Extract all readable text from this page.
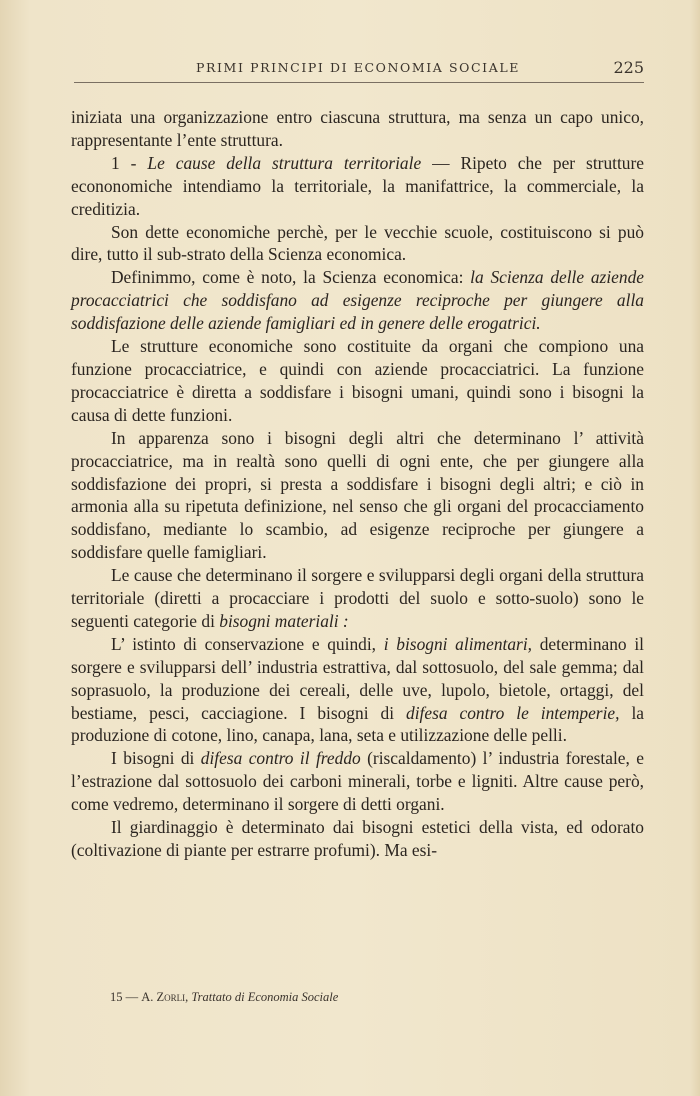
PRIMI PRINCIPI DI ECONOMIA SOCIALE	225

iniziata una organizzazione entro ciascuna struttura, ma senza un capo unico, rappresentante l’ente struttura.

1 - Le cause della struttura territoriale — Ripeto che per strutture econonomiche intendiamo la territoriale, la manifattrice, la commerciale, la creditizia.

Son dette economiche perchè, per le vecchie scuole, costituiscono si può dire, tutto il sub-strato della Scienza economica.

Definimmo, come è noto, la Scienza economica: la Scienza delle aziende procacciatrici che soddisfano ad esigenze reciproche per giungere alla soddisfazione delle aziende famigliari ed in genere delle erogatrici.

Le strutture economiche sono costituite da organi che compiono una funzione procacciatrice, e quindi con aziende procacciatrici. La funzione procacciatrice è diretta a soddisfare i bisogni umani, quindi sono i bisogni la causa di dette funzioni.

In apparenza sono i bisogni degli altri che determinano l’ attività procacciatrice, ma in realtà sono quelli di ogni ente, che per giungere alla soddisfazione dei propri, si presta a soddisfare i bisogni degli altri; e ciò in armonia alla su ripetuta definizione, nel senso che gli organi del procacciamento soddisfano, mediante lo scambio, ad esigenze reciproche per giungere a soddisfare quelle famigliari.

Le cause che determinano il sorgere e svilupparsi degli organi della struttura territoriale (diretti a procacciare i prodotti del suolo e sotto-suolo) sono le seguenti categorie di bisogni materiali :

L’ istinto di conservazione e quindi, i bisogni alimentari, determinano il sorgere e svilupparsi dell’ industria estrattiva, dal sottosuolo, del sale gemma; dal soprasuolo, la produzione dei cereali, delle uve, lupolo, bietole, ortaggi, del bestiame, pesci, cacciagione. I bisogni di difesa contro le intemperie, la produzione di cotone, lino, canapa, lana, seta e utilizzazione delle pelli.

I bisogni di difesa contro il freddo (riscaldamento) l’ industria forestale, e l’estrazione dal sottosuolo dei carboni minerali, torbe e ligniti. Altre cause però, come vedremo, determinano il sorgere di detti organi.

Il giardinaggio è determinato dai bisogni estetici della vista, ed odorato (coltivazione di piante per estrarre profumi). Ma esi-

15 — A. Zorli, Trattato di Economia Sociale
